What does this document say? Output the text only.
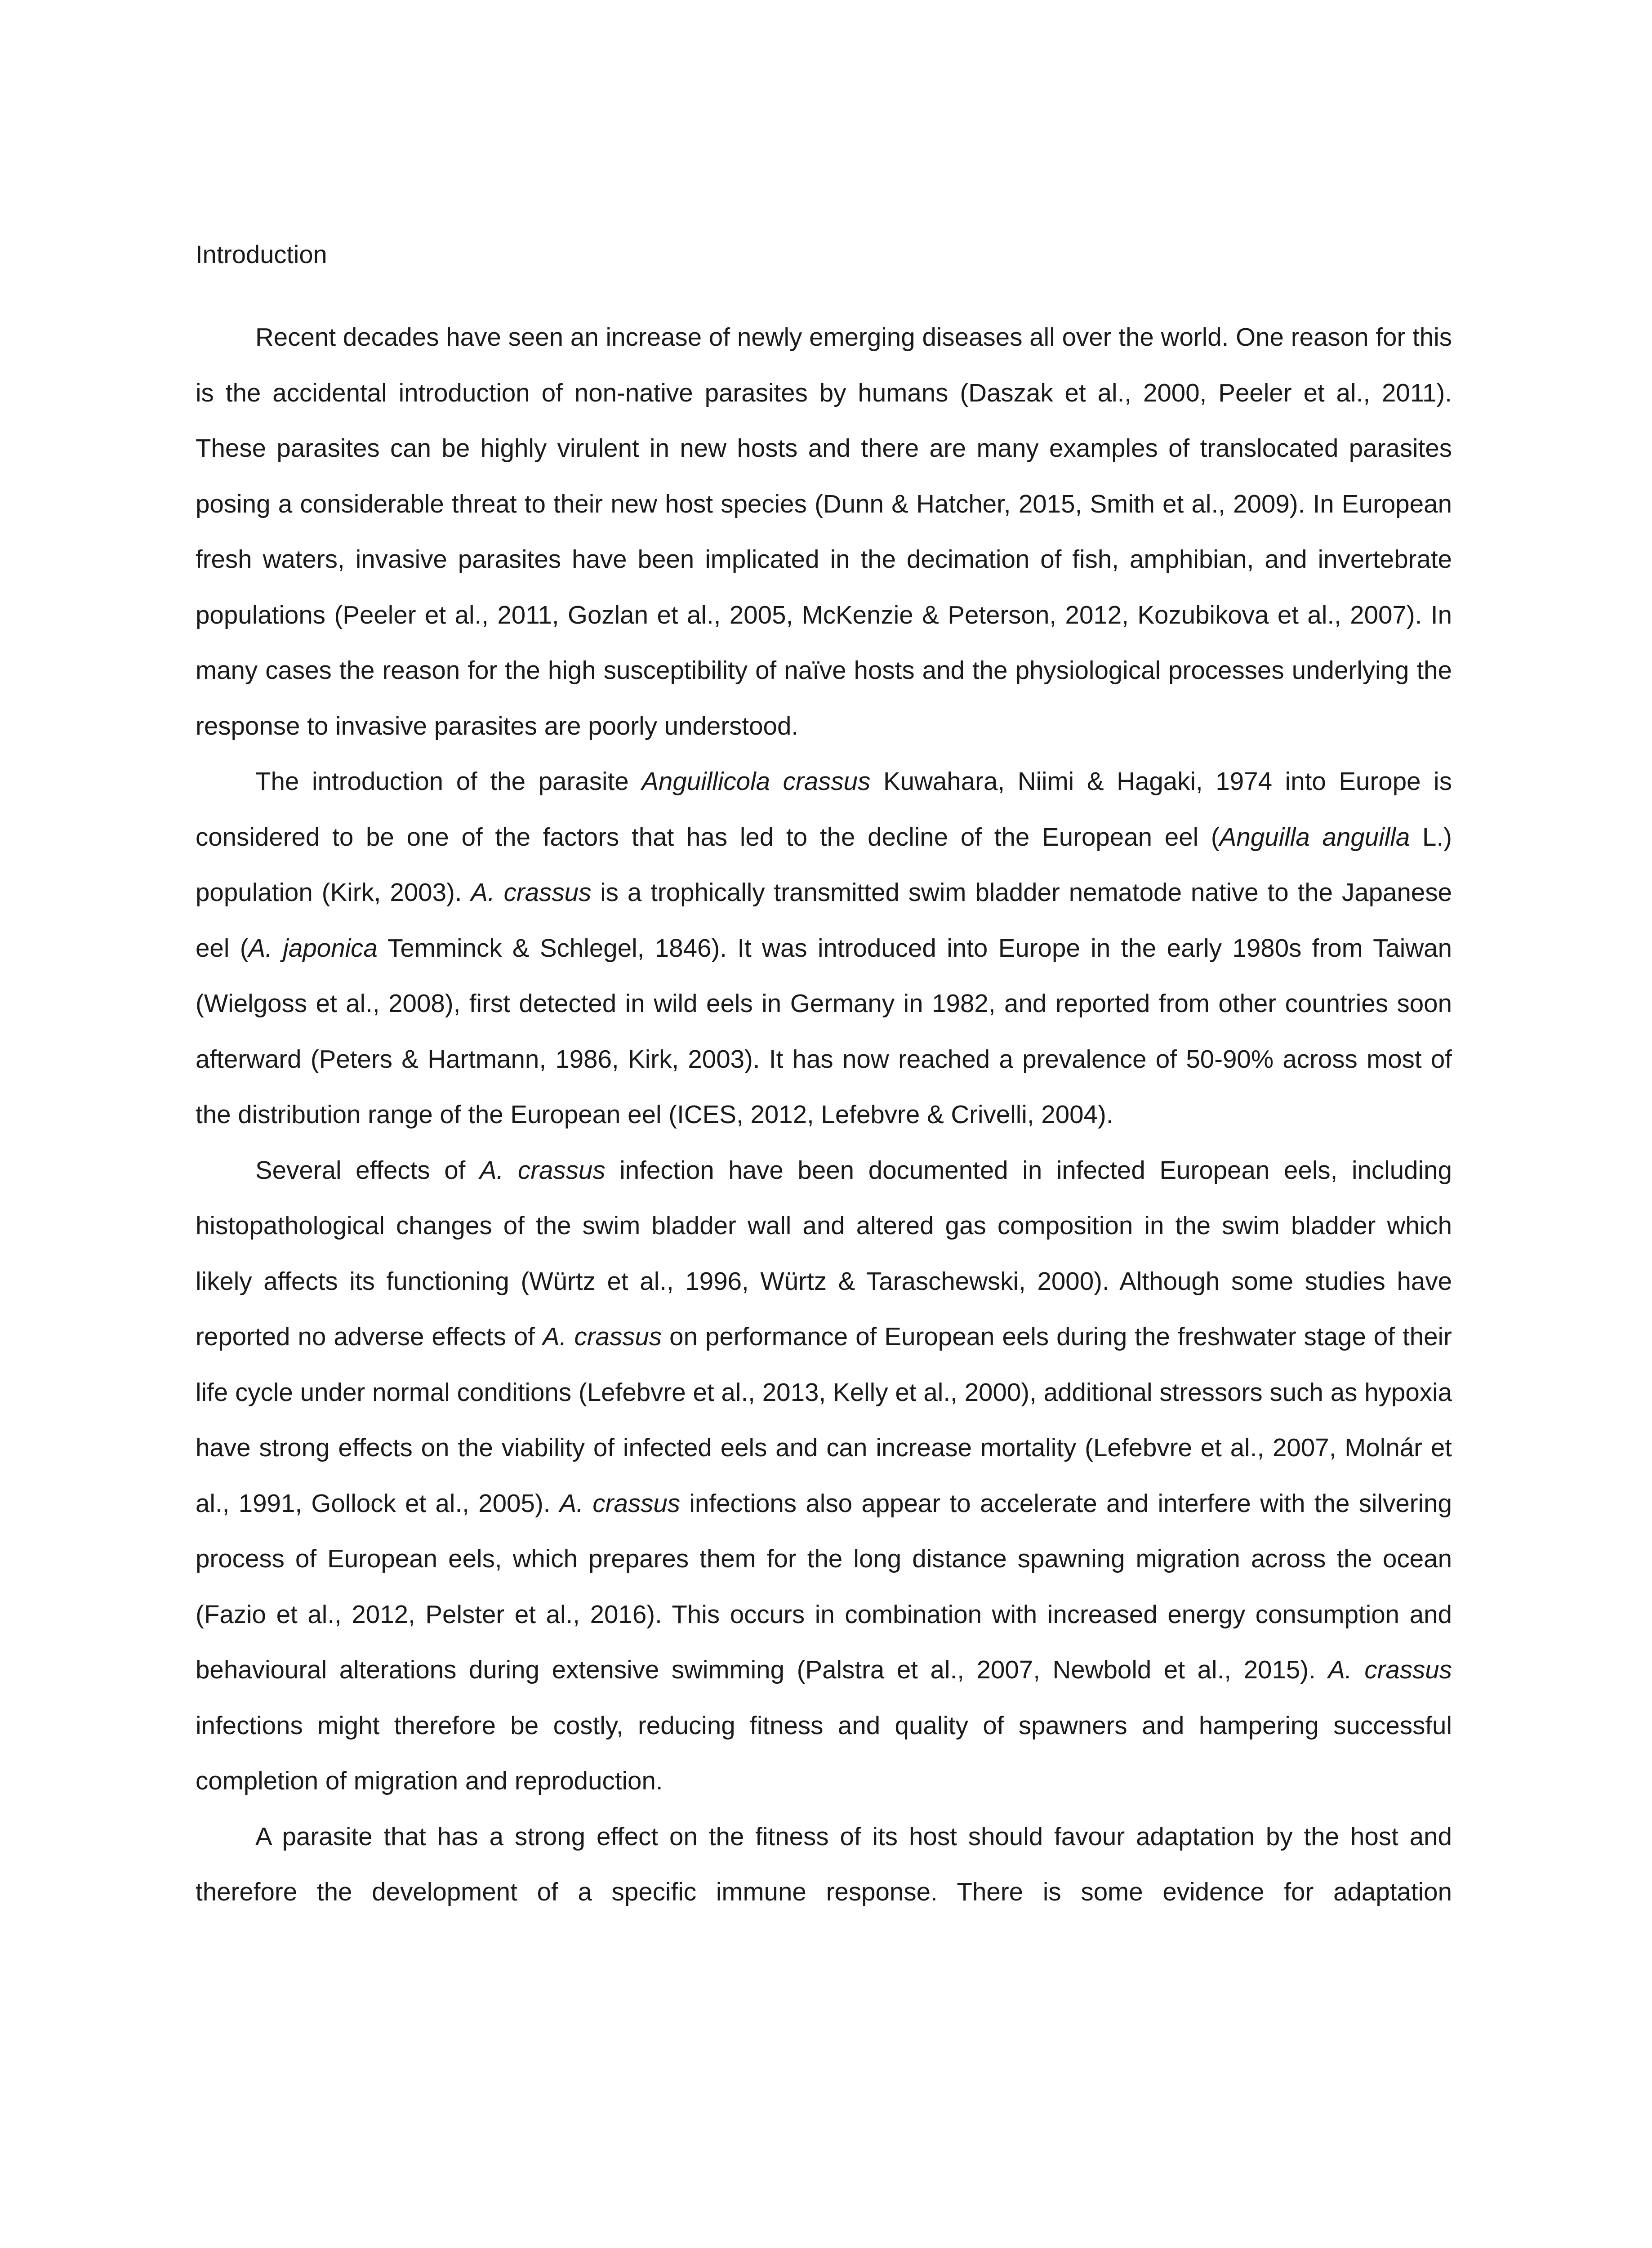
Introduction

Recent decades have seen an increase of newly emerging diseases all over the world. One reason for this is the accidental introduction of non-native parasites by humans (Daszak et al., 2000, Peeler et al., 2011). These parasites can be highly virulent in new hosts and there are many examples of translocated parasites posing a considerable threat to their new host species (Dunn & Hatcher, 2015, Smith et al., 2009). In European fresh waters, invasive parasites have been implicated in the decimation of fish, amphibian, and invertebrate populations (Peeler et al., 2011, Gozlan et al., 2005, McKenzie & Peterson, 2012, Kozubikova et al., 2007). In many cases the reason for the high susceptibility of naïve hosts and the physiological processes underlying the response to invasive parasites are poorly understood.

The introduction of the parasite Anguillicola crassus Kuwahara, Niimi & Hagaki, 1974 into Europe is considered to be one of the factors that has led to the decline of the European eel (Anguilla anguilla L.) population (Kirk, 2003). A. crassus is a trophically transmitted swim bladder nematode native to the Japanese eel (A. japonica Temminck & Schlegel, 1846). It was introduced into Europe in the early 1980s from Taiwan (Wielgoss et al., 2008), first detected in wild eels in Germany in 1982, and reported from other countries soon afterward (Peters & Hartmann, 1986, Kirk, 2003). It has now reached a prevalence of 50-90% across most of the distribution range of the European eel (ICES, 2012, Lefebvre & Crivelli, 2004).

Several effects of A. crassus infection have been documented in infected European eels, including histopathological changes of the swim bladder wall and altered gas composition in the swim bladder which likely affects its functioning (Würtz et al., 1996, Würtz & Taraschewski, 2000). Although some studies have reported no adverse effects of A. crassus on performance of European eels during the freshwater stage of their life cycle under normal conditions (Lefebvre et al., 2013, Kelly et al., 2000), additional stressors such as hypoxia have strong effects on the viability of infected eels and can increase mortality (Lefebvre et al., 2007, Molnár et al., 1991, Gollock et al., 2005). A. crassus infections also appear to accelerate and interfere with the silvering process of European eels, which prepares them for the long distance spawning migration across the ocean (Fazio et al., 2012, Pelster et al., 2016). This occurs in combination with increased energy consumption and behavioural alterations during extensive swimming (Palstra et al., 2007, Newbold et al., 2015). A. crassus infections might therefore be costly, reducing fitness and quality of spawners and hampering successful completion of migration and reproduction.

A parasite that has a strong effect on the fitness of its host should favour adaptation by the host and therefore the development of a specific immune response. There is some evidence for adaptation
